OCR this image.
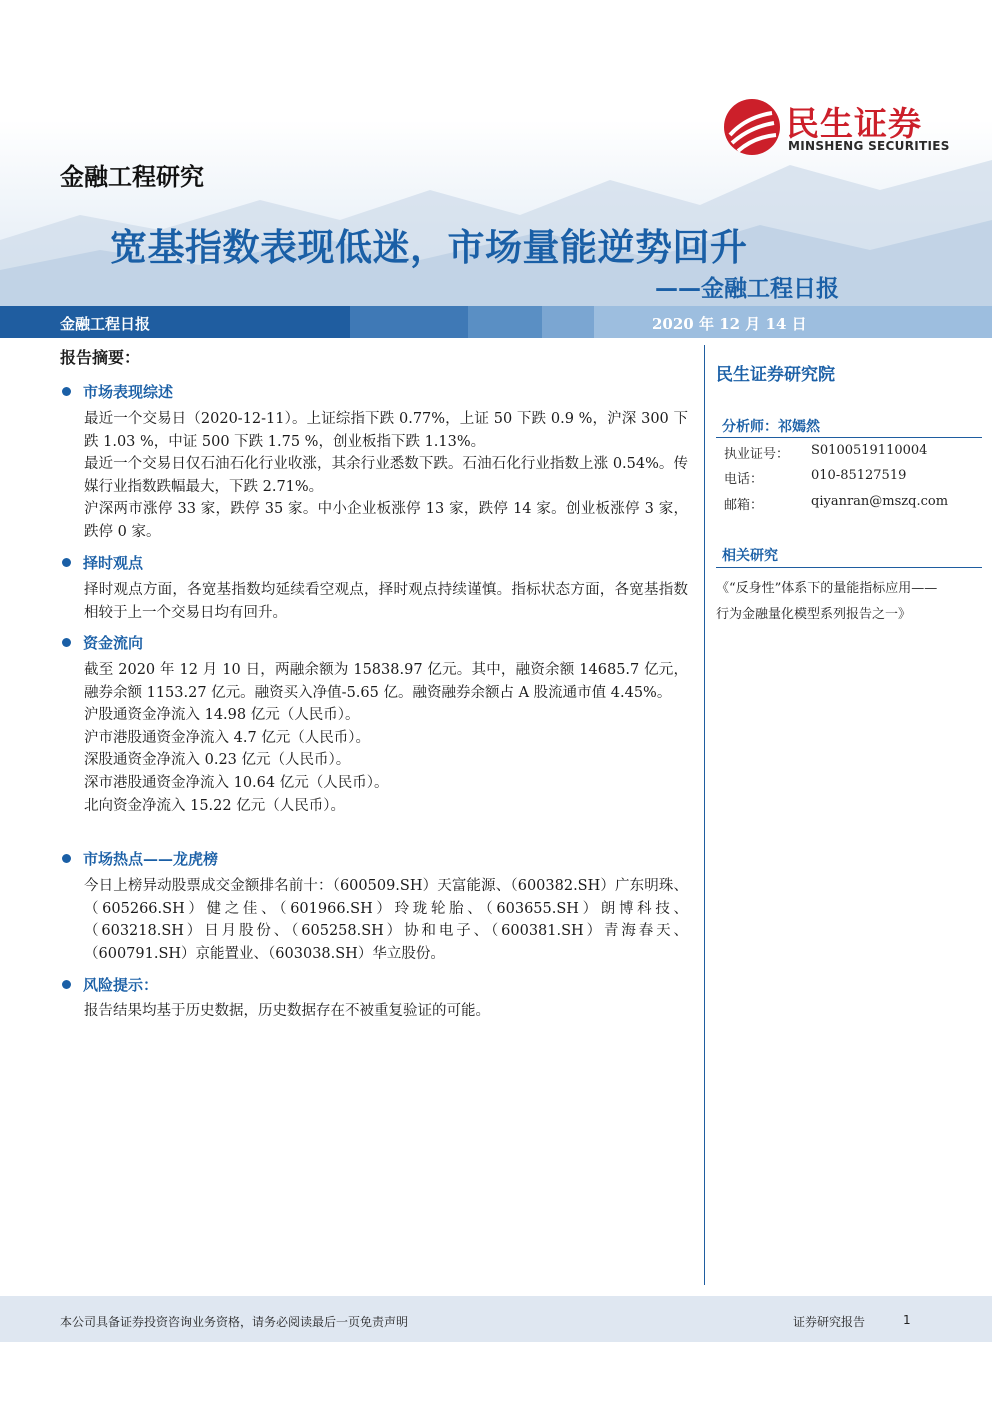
民生证券
MINSHENG SECURITIES
金融工程研究
宽基指数表现低迷，市场量能逆势回升
——金融工程日报
金融工程日报	2020 年 12 月 14 日
报告摘要：
市场表现综述
最近一个交易日（2020-12-11）。上证综指下跌 0.77%，上证 50 下跌 0.9 %，沪深 300 下跌 1.03 %，中证 500 下跌 1.75 %，创业板指下跌 1.13%。
最近一个交易日仅石油石化行业收涨，其余行业悉数下跌。石油石化行业指数上涨 0.54%。传媒行业指数跌幅最大，下跌 2.71%。
沪深两市涨停 33 家，跌停 35 家。中小企业板涨停 13 家，跌停 14 家。创业板涨停 3 家，跌停 0 家。
择时观点
择时观点方面，各宽基指数均延续看空观点，择时观点持续谨慎。指标状态方面，各宽基指数相较于上一个交易日均有回升。
资金流向
截至 2020 年 12 月 10 日，两融余额为 15838.97 亿元。其中，融资余额 14685.7 亿元，融券余额 1153.27 亿元。融资买入净值-5.65 亿。融资融券余额占 A 股流通市值 4.45%。
沪股通资金净流入 14.98 亿元（人民币）。
沪市港股通资金净流入 4.7 亿元（人民币）。
深股通资金净流入 0.23 亿元（人民币）。
深市港股通资金净流入 10.64 亿元（人民币）。
北向资金净流入 15.22 亿元（人民币）。
市场热点——龙虎榜
今日上榜异动股票成交金额排名前十：（600509.SH）天富能源、（600382.SH）广东明珠、（605266.SH）健之佳、（601966.SH）玲珑轮胎、（603655.SH）朗博科技、（603218.SH）日月股份、（605258.SH）协和电子、（600381.SH）青海春天、（600791.SH）京能置业、（603038.SH）华立股份。
风险提示：
报告结果均基于历史数据，历史数据存在不被重复验证的可能。
民生证券研究院
分析师：祁嫣然
执业证号： S0100519110004
电话：	010-85127519
邮箱：	qiyanran@mszq.com
相关研究
《“反身性”体系下的量能指标应用——
行为金融量化模型系列报告之一》
本公司具备证券投资咨询业务资格，请务必阅读最后一页免责声明	证券研究报告	1
